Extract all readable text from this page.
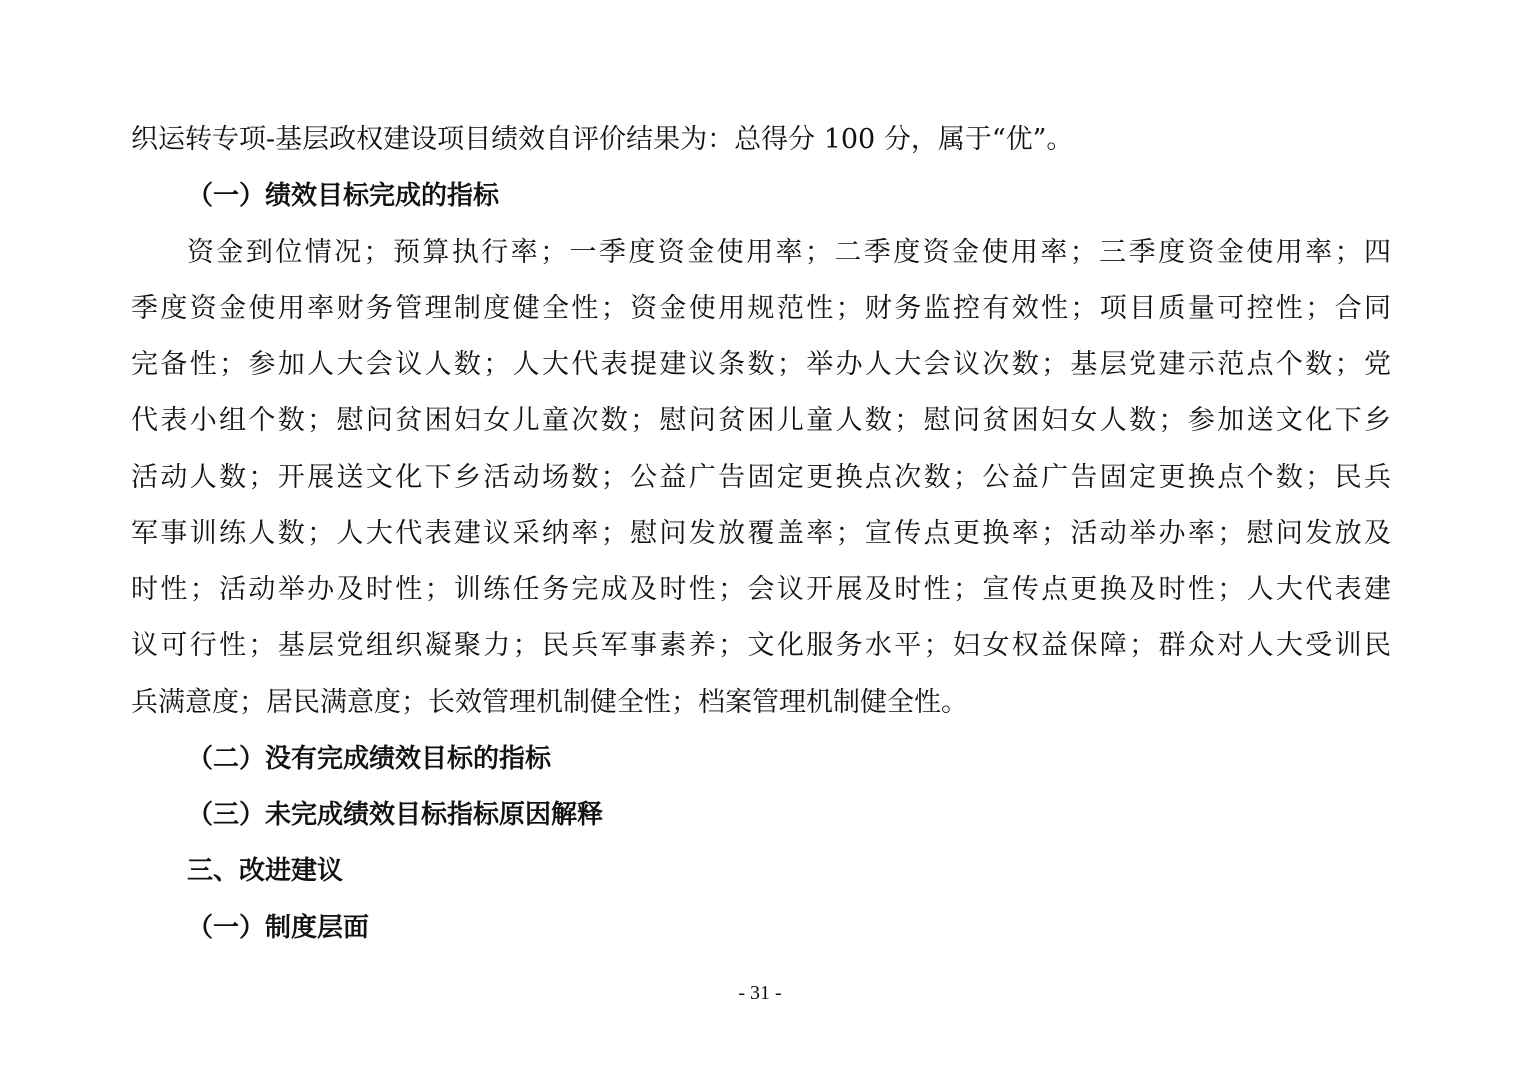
织运转专项-基层政权建设项目绩效自评价结果为：总得分 100 分，属于“优”。
（一）绩效目标完成的指标
资金到位情况；预算执行率；一季度资金使用率；二季度资金使用率；三季度资金使用率；四
季度资金使用率财务管理制度健全性；资金使用规范性；财务监控有效性；项目质量可控性；合同
完备性；参加人大会议人数；人大代表提建议条数；举办人大会议次数；基层党建示范点个数；党
代表小组个数；慰问贫困妇女儿童次数；慰问贫困儿童人数；慰问贫困妇女人数；参加送文化下乡
活动人数；开展送文化下乡活动场数；公益广告固定更换点次数；公益广告固定更换点个数；民兵
军事训练人数；人大代表建议采纳率；慰问发放覆盖率；宣传点更换率；活动举办率；慰问发放及
时性；活动举办及时性；训练任务完成及时性；会议开展及时性；宣传点更换及时性；人大代表建
议可行性；基层党组织凝聚力；民兵军事素养；文化服务水平；妇女权益保障；群众对人大受训民
兵满意度；居民满意度；长效管理机制健全性；档案管理机制健全性。
（二）没有完成绩效目标的指标
（三）未完成绩效目标指标原因解释
三、改进建议
（一）制度层面
- 31 -
